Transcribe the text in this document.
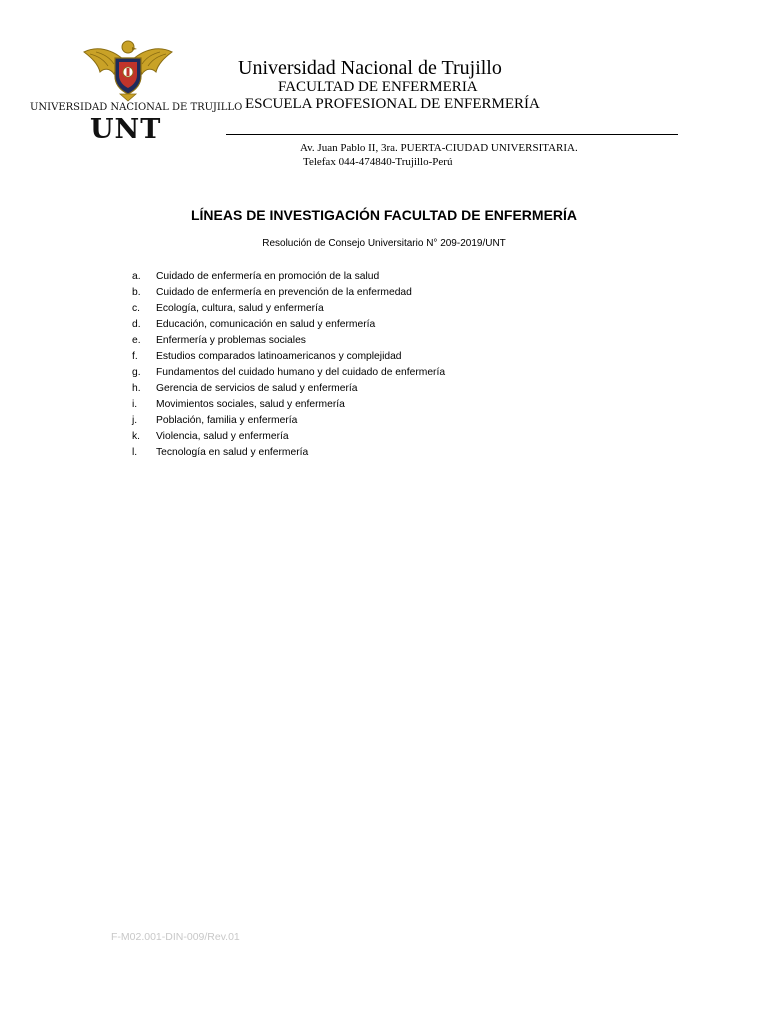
UNIVERSIDAD NACIONAL DE TRUJILLO
UNT
Universidad Nacional de Trujillo
FACULTAD DE ENFERMERIA
ESCUELA PROFESIONAL DE ENFERMERÍA
Av. Juan Pablo II, 3ra. PUERTA-CIUDAD UNIVERSITARIA.
Telefax 044-474840-Trujillo-Perú
LÍNEAS DE INVESTIGACIÓN FACULTAD DE ENFERMERÍA
Resolución de Consejo Universitario N° 209-2019/UNT
a.	Cuidado de enfermería en promoción de la salud
b.	Cuidado de enfermería en prevención de la enfermedad
c.	Ecología, cultura, salud y enfermería
d.	Educación, comunicación en salud y enfermería
e.	Enfermería y problemas sociales
f.	Estudios comparados latinoamericanos y complejidad
g.	Fundamentos del cuidado humano y del cuidado de enfermería
h.	Gerencia de servicios de salud y enfermería
i.	Movimientos sociales, salud y enfermería
j.	Población, familia y enfermería
k.	Violencia, salud y enfermería
l.	Tecnología en salud y enfermería
F-M02.001-DIN-009/Rev.01
